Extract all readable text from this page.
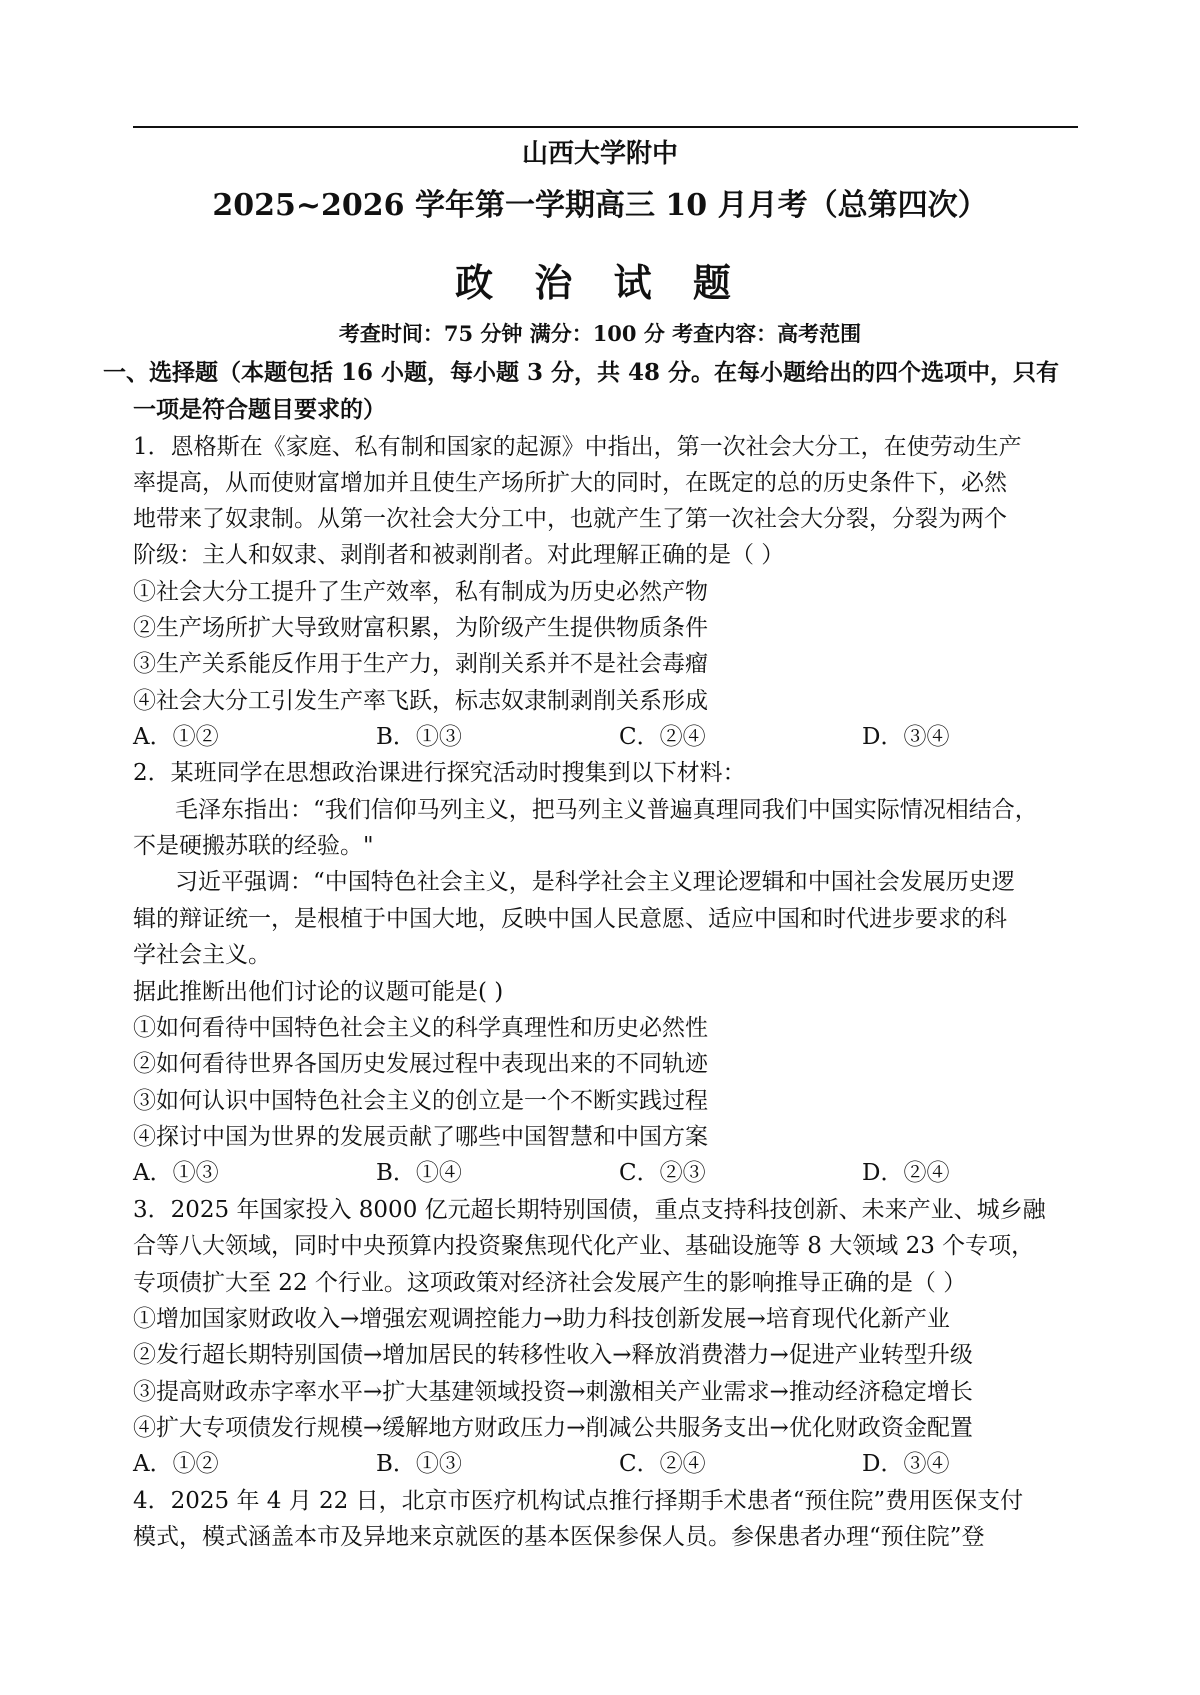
山西大学附中
2025~2026 学年第一学期高三 10 月月考（总第四次）
政 治 试 题
考查时间：75 分钟 满分：100 分 考查内容：高考范围
一、选择题（本题包括 16 小题，每小题 3 分，共 48 分。在每小题给出的四个选项中，只有
一项是符合题目要求的）
1．恩格斯在《家庭、私有制和国家的起源》中指出，第一次社会大分工，在使劳动生产
率提高，从而使财富增加并且使生产场所扩大的同时，在既定的总的历史条件下，必然
地带来了奴隶制。从第一次社会大分工中，也就产生了第一次社会大分裂，分裂为两个
阶级：主人和奴隶、剥削者和被剥削者。对此理解正确的是（ ）
①社会大分工提升了生产效率，私有制成为历史必然产物
②生产场所扩大导致财富积累，为阶级产生提供物质条件
③生产关系能反作用于生产力，剥削关系并不是社会毒瘤
④社会大分工引发生产率飞跃，标志奴隶制剥削关系形成
A．①②	B．①③	C．②④	D．③④
2．某班同学在思想政治课进行探究活动时搜集到以下材料：
毛泽东指出：“我们信仰马列主义，把马列主义普遍真理同我们中国实际情况相结合，
不是硬搬苏联的经验。"
习近平强调：“中国特色社会主义，是科学社会主义理论逻辑和中国社会发展历史逻
辑的辩证统一，是根植于中国大地，反映中国人民意愿、适应中国和时代进步要求的科
学社会主义。
据此推断出他们讨论的议题可能是( )
①如何看待中国特色社会主义的科学真理性和历史必然性
②如何看待世界各国历史发展过程中表现出来的不同轨迹
③如何认识中国特色社会主义的创立是一个不断实践过程
④探讨中国为世界的发展贡献了哪些中国智慧和中国方案
A．①③	B．①④	C．②③	D．②④
3．2025 年国家投入 8000 亿元超长期特别国债，重点支持科技创新、未来产业、城乡融
合等八大领域，同时中央预算内投资聚焦现代化产业、基础设施等 8 大领域 23 个专项，
专项债扩大至 22 个行业。这项政策对经济社会发展产生的影响推导正确的是（ ）
①增加国家财政收入→增强宏观调控能力→助力科技创新发展→培育现代化新产业
②发行超长期特别国债→增加居民的转移性收入→释放消费潜力→促进产业转型升级
③提高财政赤字率水平→扩大基建领域投资→刺激相关产业需求→推动经济稳定增长
④扩大专项债发行规模→缓解地方财政压力→削减公共服务支出→优化财政资金配置
A．①②	B．①③	C．②④	D．③④
4．2025 年 4 月 22 日，北京市医疗机构试点推行择期手术患者“预住院”费用医保支付
模式，模式涵盖本市及异地来京就医的基本医保参保人员。参保患者办理“预住院”登
